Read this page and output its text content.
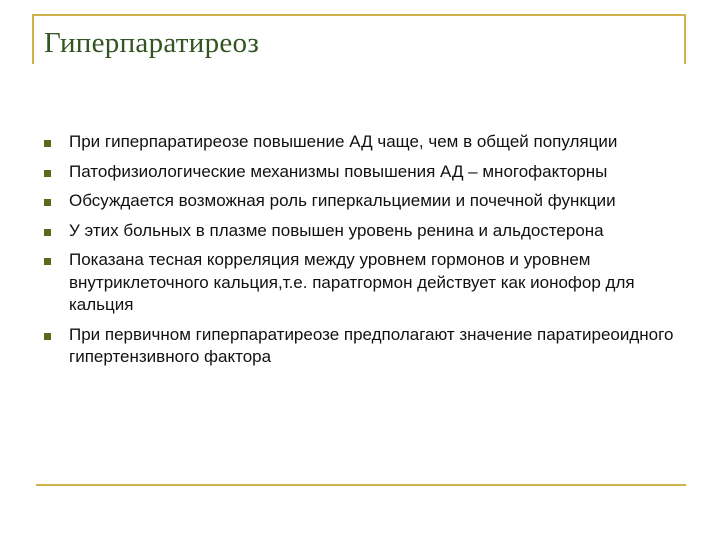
Гиперпаратиреоз
При гиперпаратиреозе повышение АД чаще, чем в общей популяции
Патофизиологические механизмы повышения АД – многофакторны
Обсуждается возможная роль гиперкальциемии и почечной функции
У этих больных в плазме повышен уровень ренина и альдостерона
Показана тесная корреляция между уровнем гормонов и уровнем внутриклеточного кальция,т.е. паратгормон действует как ионофор для кальция
При первичном гиперпаратиреозе предполагают значение паратиреоидного гипертензивного фактора
